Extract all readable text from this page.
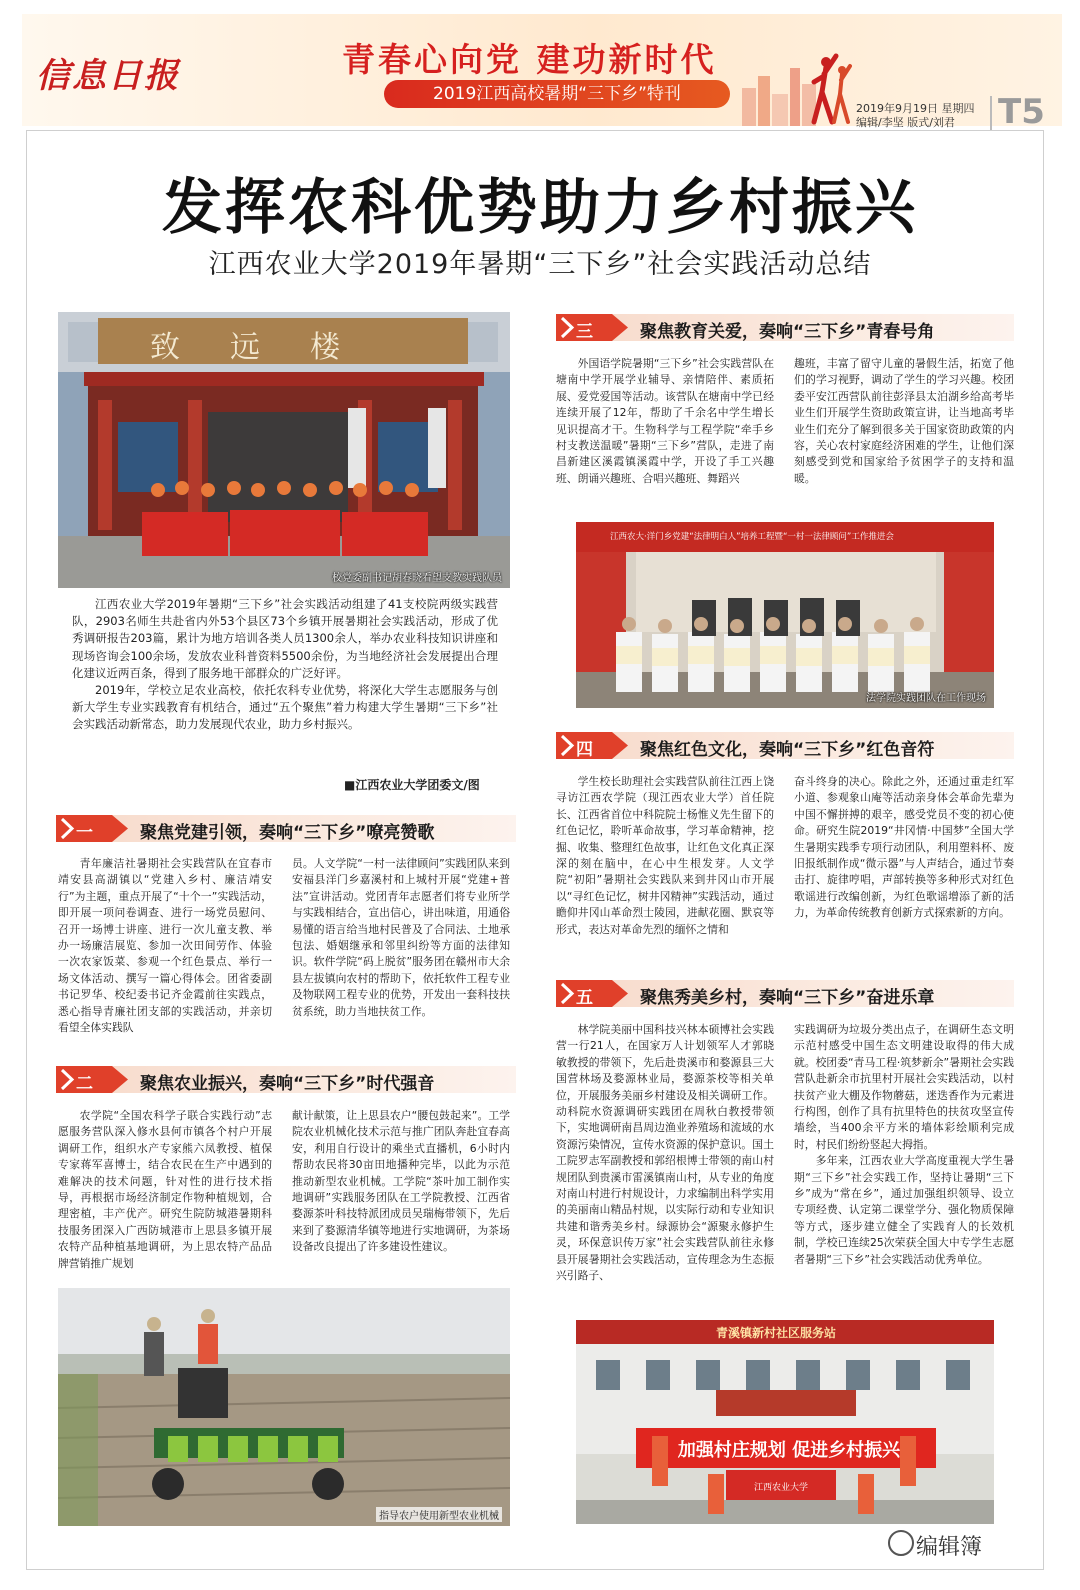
信息日报	青春心向党 建功新时代
2019江西高校暑期“三下乡”特刊
2019年9月19日 星期四
编辑/李坚 版式/刘君	T5
发挥农科优势助力乡村振兴
江西农业大学2019年暑期“三下乡”社会实践活动总结
致远楼
校党委副书记胡春晓看望支教实践队员

江西农业大学2019年暑期“三下乡”社会实践活动组建了41支校院两级实践营队，2903名师生共赴省内外53个县区73个乡镇开展暑期社会实践活动，形成了优秀调研报告203篇，累计为地方培训各类人员1300余人，举办农业科技知识讲座和现场咨询会100余场，发放农业科普资料5500余份，为当地经济社会发展提出合理化建议近两百条，得到了服务地干部群众的广泛好评。

2019年，学校立足农业高校，依托农科专业优势，将深化大学生志愿服务与创新大学生专业实践教育有机结合，通过“五个聚焦”着力构建大学生暑期“三下乡”社会实践活动新常态，助力发展现代农业，助力乡村振兴。

■江西农业大学团委文/图
一	聚焦党建引领，奏响“三下乡”嘹亮赞歌

青年廉洁社暑期社会实践营队在宜春市靖安县高湖镇以“党建入乡村、廉洁靖安行”为主题，重点开展了“十个一”实践活动，即开展一项问卷调查、进行一场党员慰问、召开一场博士讲座、进行一次儿童支教、举办一场廉洁展览、参加一次田间劳作、体验一次农家饭菜、参观一个红色景点、举行一场文体活动、撰写一篇心得体会。团省委副书记罗华、校纪委书记齐金霞前往实践点，悉心指导青廉社团支部的实践活动，并亲切看望全体实践队

员。人文学院“一村一法律顾问”实践团队来到安福县洋门乡嘉溪村和上城村开展“党建+普法”宣讲活动。党团青年志愿者们将专业所学与实践相结合，宣出信心，讲出味道，用通俗易懂的语言给当地村民普及了合同法、土地承包法、婚姻继承和邻里纠纷等方面的法律知识。软件学院“码上脱贫”服务团在赣州市大余县左拔镇向农村的帮助下，依托软件工程专业及物联网工程专业的优势，开发出一套科技扶贫系统，助力当地扶贫工作。

二	聚焦农业振兴，奏响“三下乡”时代强音

农学院“全国农科学子联合实践行动”志愿服务营队深入修水县何市镇各个村户开展调研工作，组织水产专家熊六凤教授、植保专家蒋军喜博士，结合农民在生产中遇到的难解决的技术问题，针对性的进行技术指导，再根据市场经济制定作物种植规划，合理密植，丰产优产。研究生院防城港暑期科技服务团深入广西防城港市上思县多镇开展农特产品种植基地调研，为上思农特产品品牌营销推广规划

献计献策，让上思县农户“腰包鼓起来”。工学院农业机械化技术示范与推广团队奔赴宜春高安，利用自行设计的乘坐式直播机，6小时内帮助农民将30亩田地播种完毕，以此为示范推动新型农业机械。工学院“茶叶加工制作实地调研”实践服务团队在工学院教授、江西省婺源茶叶科技特派团成员吴瑞梅带领下，先后来到了婺源清华镇等地进行实地调研，为茶场设备改良提出了许多建设性建议。

指导农户使用新型农业机械
三	聚焦教育关爱，奏响“三下乡”青春号角

外国语学院暑期“三下乡”社会实践营队在塘南中学开展学业辅导、亲情陪伴、素质拓展、爱党爱国等活动。该营队在塘南中学已经连续开展了12年，帮助了千余名中学生增长见识提高才干。生物科学与工程学院“牵手乡村支教送温暖”暑期“三下乡”营队，走进了南昌新建区溪霞镇溪霞中学，开设了手工兴趣班、朗诵兴趣班、合唱兴趣班、舞蹈兴

趣班，丰富了留守儿童的暑假生活，拓宽了他们的学习视野，调动了学生的学习兴趣。校团委平安江西营队前往彭泽县太泊湖乡给高考毕业生们开展学生资助政策宣讲，让当地高考毕业生们充分了解到很多关于国家资助政策的内容，关心农村家庭经济困难的学生，让他们深刻感受到党和国家给予贫困学子的支持和温暖。

江西农大·洋门乡党建“法律明白人”培养工程暨“一村一法律顾问”工作推进会
法学院实践团队在工作现场
四	聚焦红色文化，奏响“三下乡”红色音符

学生校长助理社会实践营队前往江西上饶寻访江西农学院（现江西农业大学）首任院长、江西省首位中科院院士杨惟义先生留下的红色记忆，聆听革命故事，学习革命精神，挖掘、收集、整理红色故事，让红色文化真正深深的刻在脑中，在心中生根发芽。人文学院“初阳”暑期社会实践队来到井冈山市开展以“寻红色记忆，树井冈精神”实践活动，通过瞻仰井冈山革命烈士陵园，进献花圈、默哀等形式，表达对革命先烈的缅怀之情和

奋斗终身的决心。除此之外，还通过重走红军小道、参观象山庵等活动亲身体会革命先辈为中国不懈拼搏的艰辛，感受党员不变的初心使命。研究生院2019“井冈情·中国梦”全国大学生暑期实践季专项行动团队，利用塑料杯、废旧报纸制作成“微示器”与人声结合，通过节奏击打、旋律哼唱，声部转换等多种形式对红色歌谣进行改编创新，为红色歌谣增添了新的活力，为革命传统教育创新方式探索新的方向。

五	聚焦秀美乡村，奏响“三下乡”奋进乐章

林学院美丽中国科技兴林本硕博社会实践营一行21人，在国家万人计划领军人才郭晓敏教授的带领下，先后赴贵溪市和婺源县三大国营林场及婺源林业局，婺源茶校等相关单位，开展服务美丽乡村建设及相关调研工作。动科院水资源调研实践团在周秋白教授带领下，实地调研南昌周边渔业养殖场和流域的水资源污染情况，宣传水资源的保护意识。国土工院罗志军副教授和郭绍根博士带领的南山村规团队到贵溪市雷溪镇南山村，从专业的角度对南山村进行村规设计，力求编制出科学实用的美丽南山精品村规，以实际行动和专业知识共建和谐秀美乡村。绿源协会“源聚永修护生灵，环保意识传万家”社会实践营队前往永修县开展暑期社会实践活动，宣传理念为生态振兴引路子、

实践调研为垃圾分类出点子，在调研生态文明示范村感受中国生态文明建设取得的伟大成就。校团委“青马工程·筑梦新余”暑期社会实践营队赴新余市抗里村开展社会实践活动，以村扶贫产业大棚及作物蘑菇，迷迭香作为元素进行构图，创作了具有抗里特色的扶贫攻坚宣传墙绘，当400余平方米的墙体彩绘顺利完成时，村民们纷纷竖起大拇指。

多年来，江西农业大学高度重视大学生暑期“三下乡”社会实践工作，坚持让暑期“三下乡”成为“常在乡”，通过加强组织领导、设立专项经费、认定第二课堂学分、强化物质保障等方式，逐步建立健全了实践育人的长效机制，学校已连续25次荣获全国大中专学生志愿者暑期“三下乡”社会实践活动优秀单位。

青溪镇新村社区服务站
加强村庄规划 促进乡村振兴
江西农业大学
编辑簿
